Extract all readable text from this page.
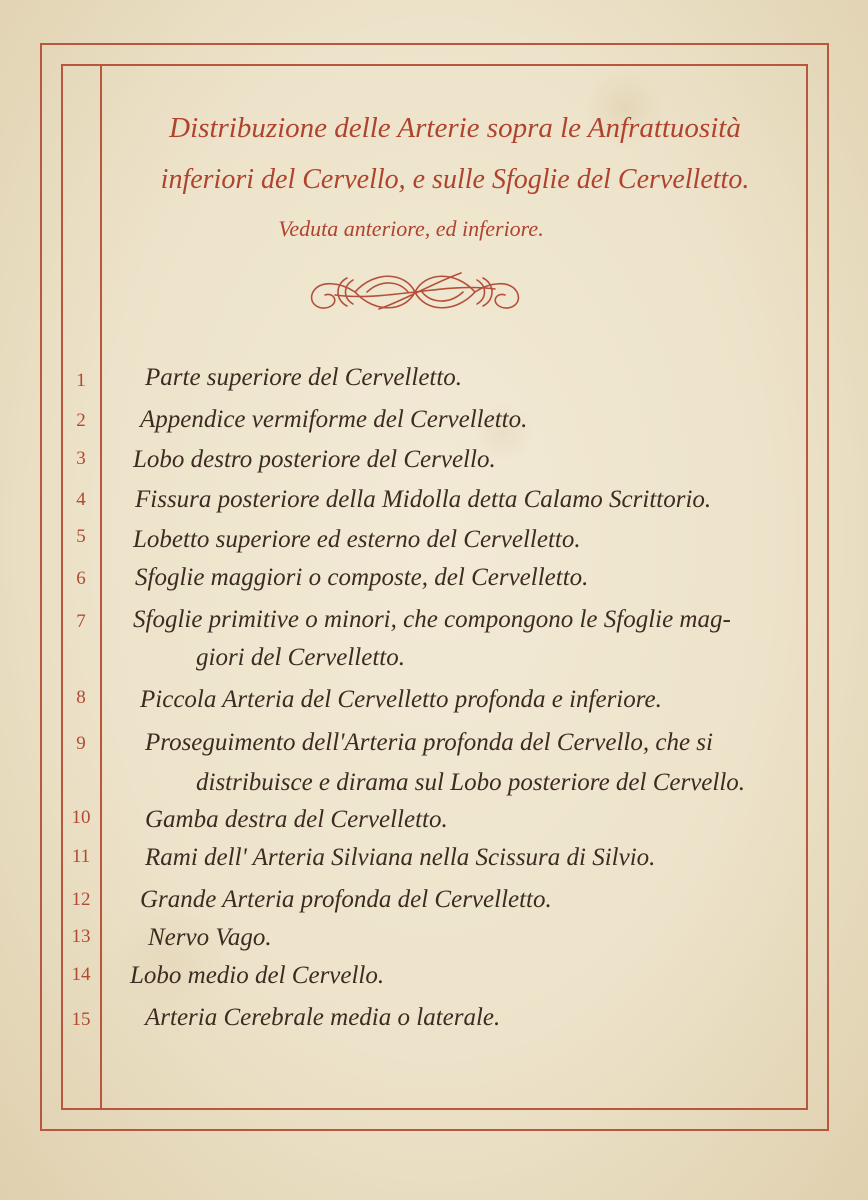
Distribuzione delle Arterie sopra le Anfrattuosità
inferiori del Cervello, e sulle Sfoglie del Cervelletto.
Veduta anteriore, ed inferiore.
1	Parte superiore del Cervelletto.
2	Appendice vermiforme del Cervelletto.
3	Lobo destro posteriore del Cervello.
4	Fissura posteriore della Midolla detta Calamo Scrittorio.
5	Lobetto superiore ed esterno del Cervelletto.
6	Sfoglie maggiori o composte, del Cervelletto.
7	Sfoglie primitive o minori, che compongono le Sfoglie mag-
giori del Cervelletto.
8	Piccola Arteria del Cervelletto profonda e inferiore.
9	Proseguimento dell'Arteria profonda del Cervello, che si
distribuisce e dirama sul Lobo posteriore del Cervello.
10	Gamba destra del Cervelletto.
11	Rami dell' Arteria Silviana nella Scissura di Silvio.
12	Grande Arteria profonda del Cervelletto.
13	Nervo Vago.
14	Lobo medio del Cervello.
15	Arteria Cerebrale media o laterale.
